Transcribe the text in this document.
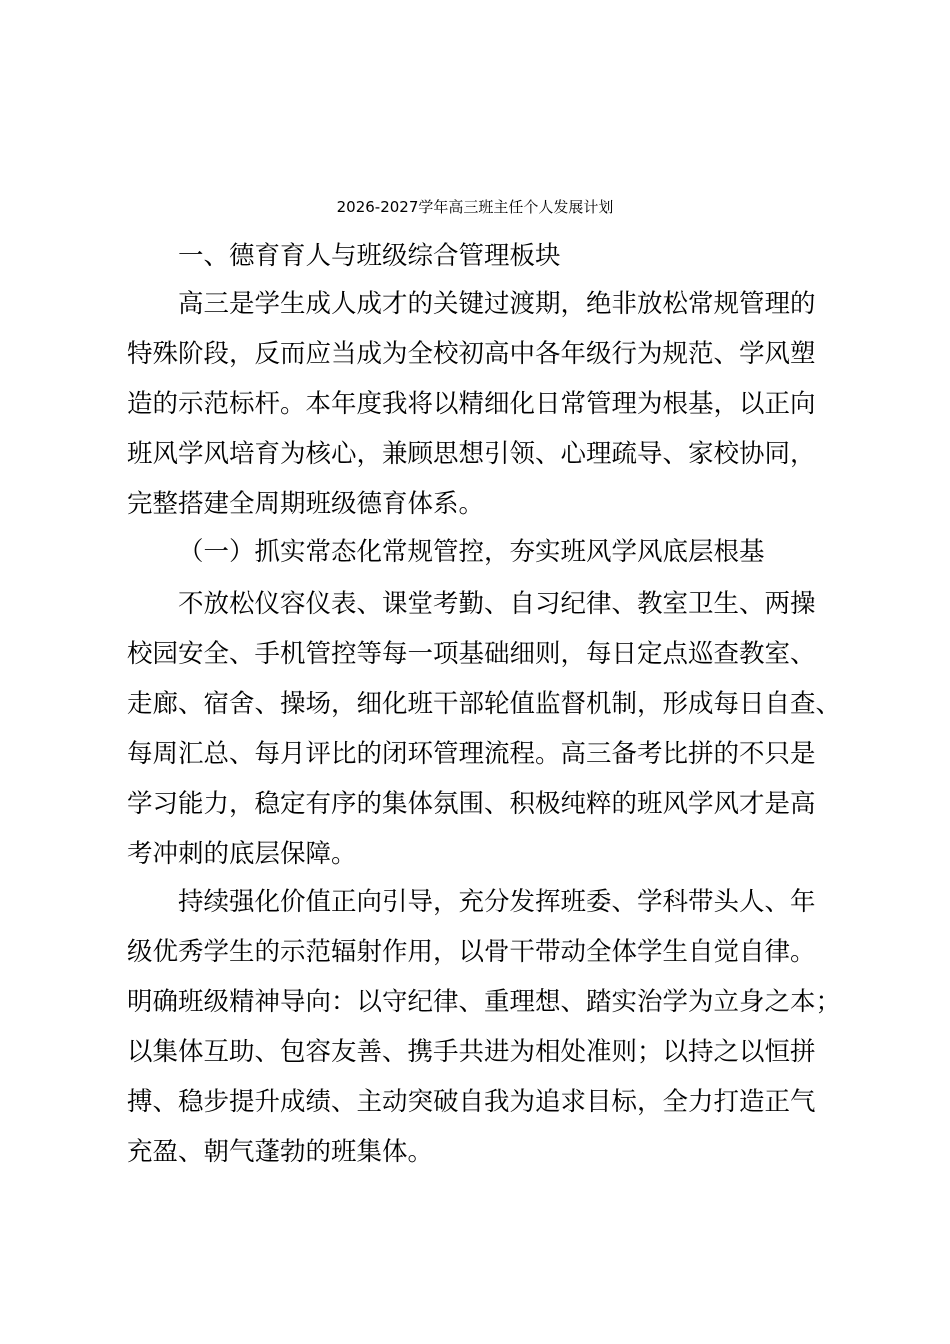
2026-2027学年高三班主任个人发展计划

一、德育育人与班级综合管理板块

高三是学生成人成才的关键过渡期，绝非放松常规管理的

特殊阶段，反而应当成为全校初高中各年级行为规范、学风塑

造的示范标杆。本年度我将以精细化日常管理为根基，以正向

班风学风培育为核心，兼顾思想引领、心理疏导、家校协同，

完整搭建全周期班级德育体系。

（一）抓实常态化常规管控，夯实班风学风底层根基

不放松仪容仪表、课堂考勤、自习纪律、教室卫生、两操

校园安全、手机管控等每一项基础细则，每日定点巡查教室、

走廊、宿舍、操场，细化班干部轮值监督机制，形成每日自查、

每周汇总、每月评比的闭环管理流程。高三备考比拼的不只是

学习能力，稳定有序的集体氛围、积极纯粹的班风学风才是高

考冲刺的底层保障。

持续强化价值正向引导，充分发挥班委、学科带头人、年

级优秀学生的示范辐射作用，以骨干带动全体学生自觉自律。

明确班级精神导向：以守纪律、重理想、踏实治学为立身之本；

以集体互助、包容友善、携手共进为相处准则；以持之以恒拼

搏、稳步提升成绩、主动突破自我为追求目标，全力打造正气

充盈、朝气蓬勃的班集体。
